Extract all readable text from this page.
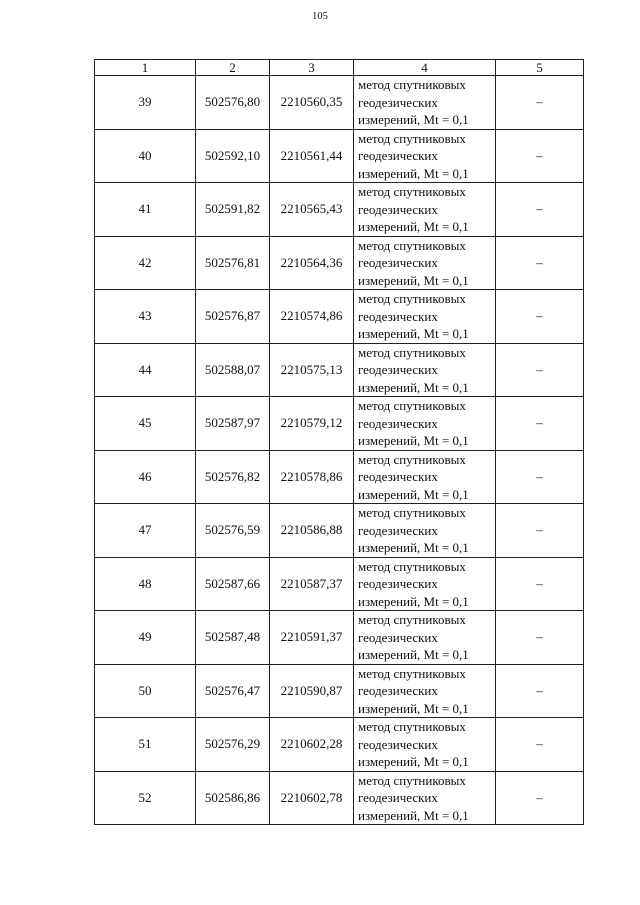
105
1	2	3	4	5
39	502576,80	2210560,35	метод спутниковых
геодезических
измерений, Mt = 0,1	–
40	502592,10	2210561,44	метод спутниковых
геодезических
измерений, Mt = 0,1	–
41	502591,82	2210565,43	метод спутниковых
геодезических
измерений, Mt = 0,1	–
42	502576,81	2210564,36	метод спутниковых
геодезических
измерений, Mt = 0,1	–
43	502576,87	2210574,86	метод спутниковых
геодезических
измерений, Mt = 0,1	–
44	502588,07	2210575,13	метод спутниковых
геодезических
измерений, Mt = 0,1	–
45	502587,97	2210579,12	метод спутниковых
геодезических
измерений, Mt = 0,1	–
46	502576,82	2210578,86	метод спутниковых
геодезических
измерений, Mt = 0,1	–
47	502576,59	2210586,88	метод спутниковых
геодезических
измерений, Mt = 0,1	–
48	502587,66	2210587,37	метод спутниковых
геодезических
измерений, Mt = 0,1	–
49	502587,48	2210591,37	метод спутниковых
геодезических
измерений, Mt = 0,1	–
50	502576,47	2210590,87	метод спутниковых
геодезических
измерений, Mt = 0,1	–
51	502576,29	2210602,28	метод спутниковых
геодезических
измерений, Mt = 0,1	–
52	502586,86	2210602,78	метод спутниковых
геодезических
измерений, Mt = 0,1	–
